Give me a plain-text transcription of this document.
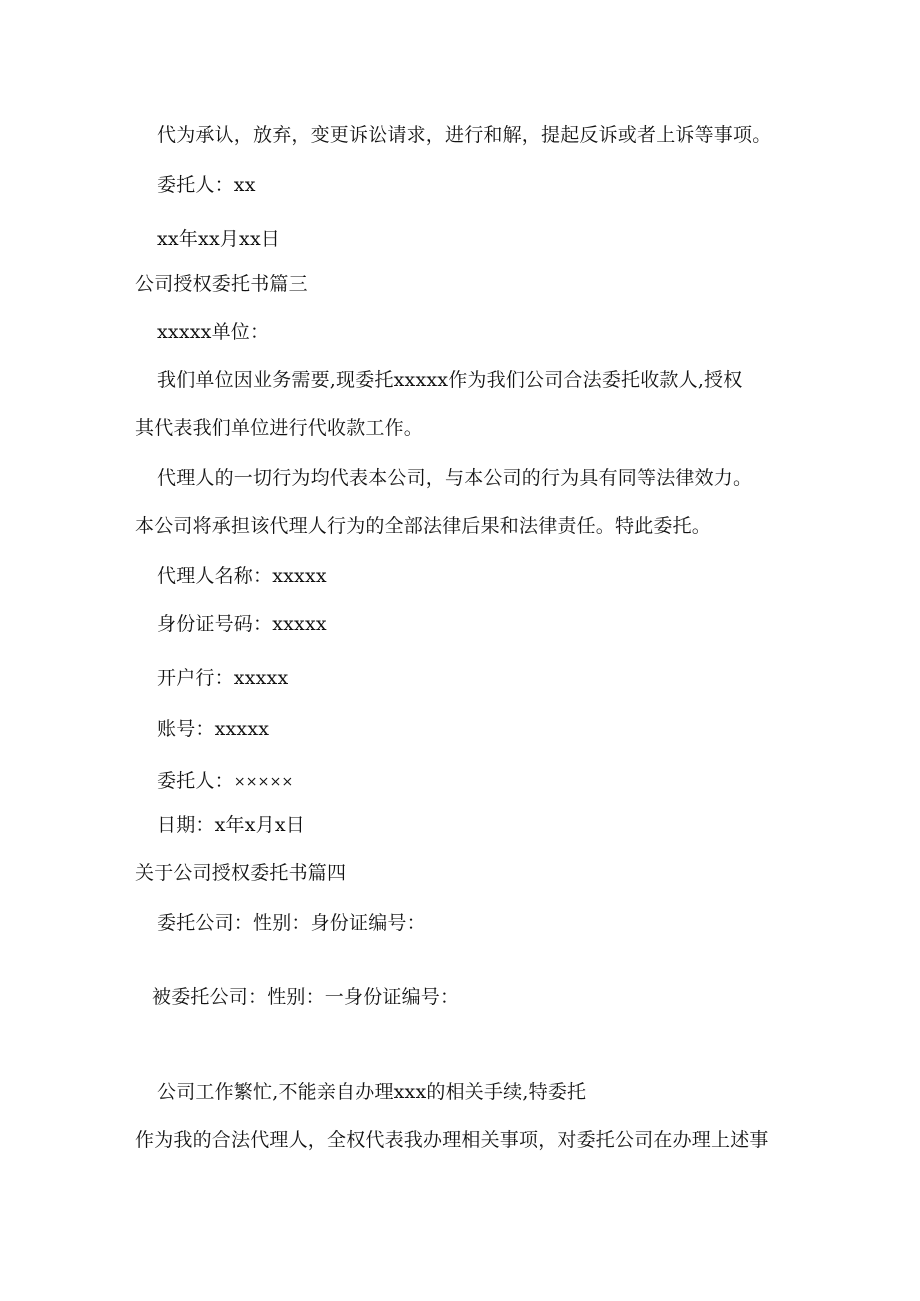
代为承认，放弃，变更诉讼请求，进行和解，提起反诉或者上诉等事项。
委托人：xx
xx年xx月xx日
公司授权委托书篇三
xxxxx单位：
我们单位因业务需要,现委托xxxxx作为我们公司合法委托收款人,授权
其代表我们单位进行代收款工作。
代理人的一切行为均代表本公司，与本公司的行为具有同等法律效力。
本公司将承担该代理人行为的全部法律后果和法律责任。特此委托。
代理人名称：xxxxx
身份证号码：xxxxx
开户行：xxxxx
账号：xxxxx
委托人：×××××
日期：x年x月x日
关于公司授权委托书篇四
委托公司：性别：身份证编号：
被委托公司：性别：一身份证编号：
公司工作繁忙,不能亲自办理xxx的相关手续,特委托
作为我的合法代理人，全权代表我办理相关事项，对委托公司在办理上述事
